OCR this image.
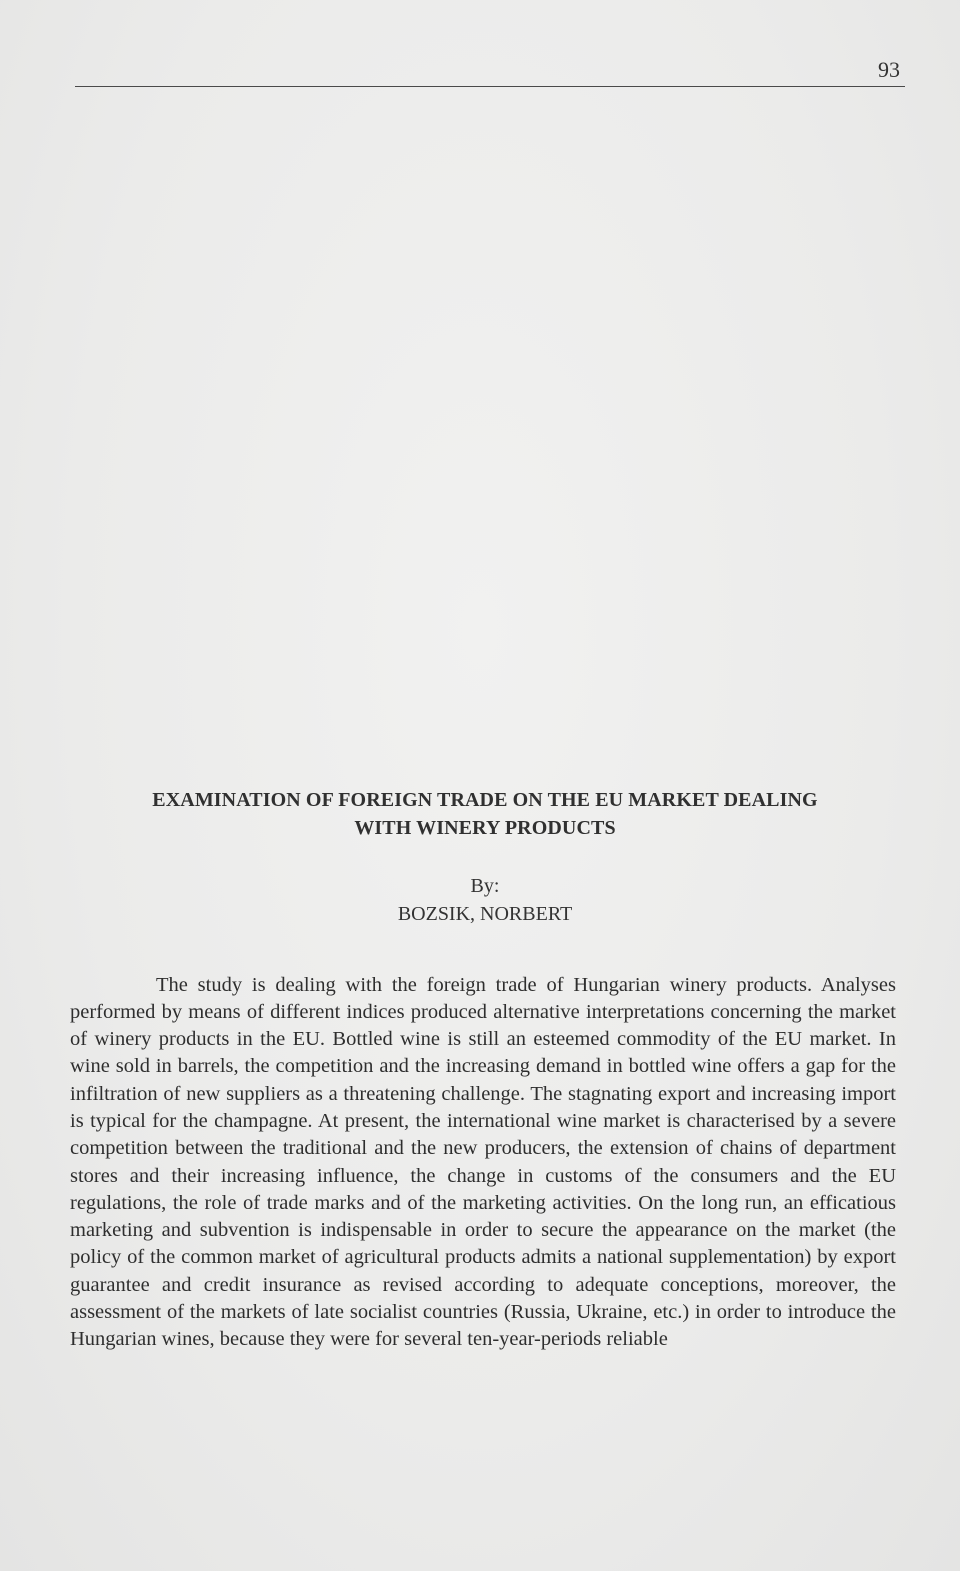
93
EXAMINATION OF FOREIGN TRADE ON THE EU MARKET DEALING
WITH WINERY PRODUCTS
By:
BOZSIK, NORBERT

The study is dealing with the foreign trade of Hungarian winery products. Analyses performed by means of different indices produced alternative interpretations concerning the market of winery products in the EU. Bottled wine is still an esteemed commodity of the EU market. In wine sold in barrels, the competition and the increasing demand in bottled wine offers a gap for the infiltration of new suppliers as a threatening challenge. The stagnating export and increasing import is typical for the champagne. At present, the international wine market is characterised by a severe competition between the traditional and the new producers, the extension of chains of department stores and their increasing influence, the change in customs of the consumers and the EU regulations, the role of trade marks and of the marketing activities. On the long run, an efficatious marketing and subvention is indispensable in order to secure the appearance on the market (the policy of the common market of agricultural products admits a national supplementation) by export guarantee and credit insurance as revised according to adequate conceptions, moreover, the assessment of the markets of late socialist countries (Russia, Ukraine, etc.) in order to introduce the Hungarian wines, because they were for several ten-year-periods reliable
